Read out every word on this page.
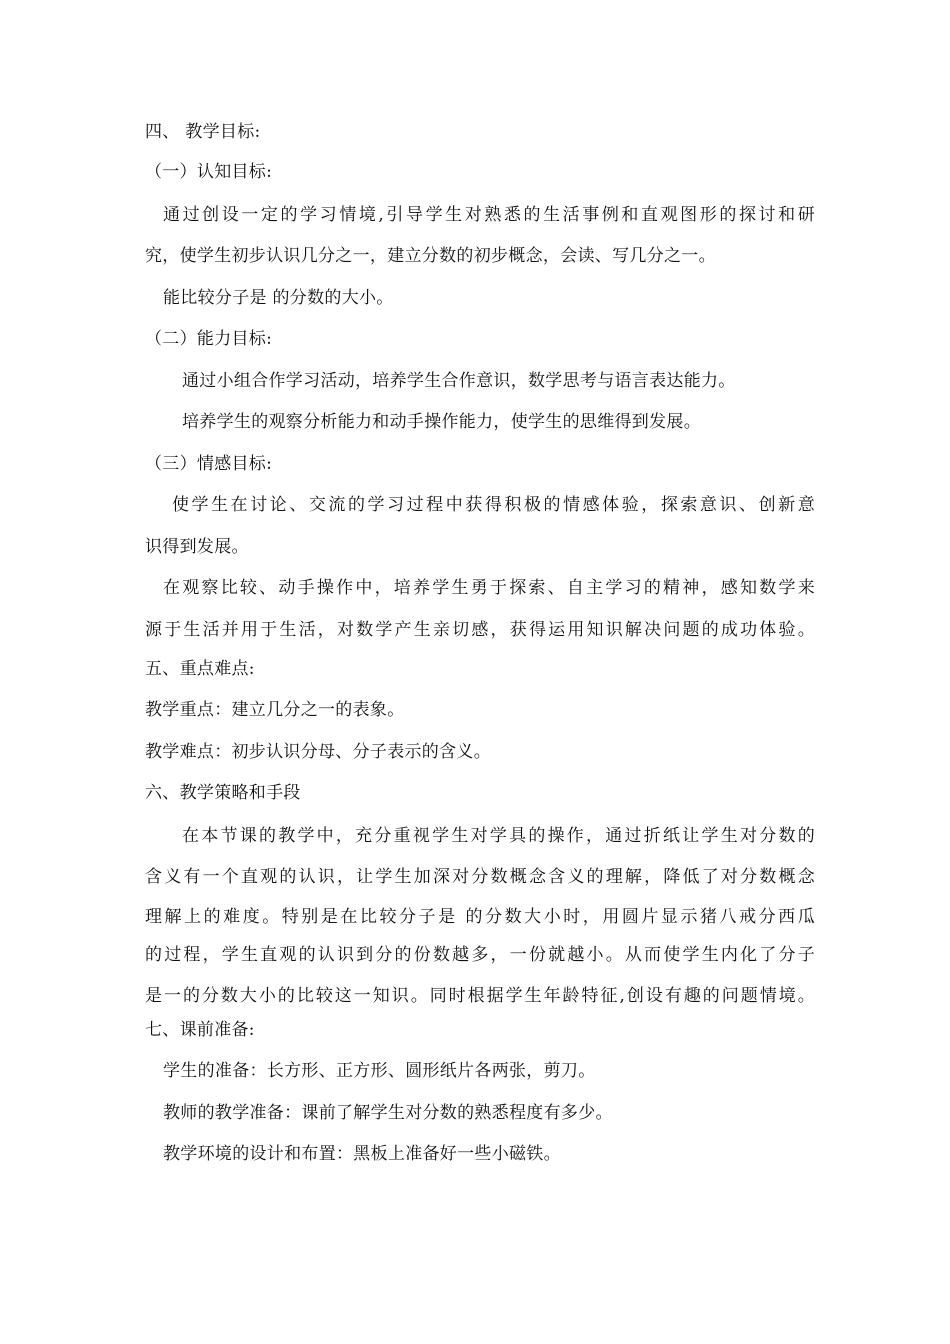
四、 教学目标:
（一）认知目标:
通过创设一定的学习情境,引导学生对熟悉的生活事例和直观图形的探讨和研
究，使学生初步认识几分之一，建立分数的初步概念，会读、写几分之一。
能比较分子是 的分数的大小。
（二）能力目标:
通过小组合作学习活动，培养学生合作意识，数学思考与语言表达能力。
培养学生的观察分析能力和动手操作能力，使学生的思维得到发展。
（三）情感目标:
使学生在讨论、交流的学习过程中获得积极的情感体验，探索意识、创新意
识得到发展。
在观察比较、动手操作中，培养学生勇于探索、自主学习的精神，感知数学来
源于生活并用于生活，对数学产生亲切感，获得运用知识解决问题的成功体验。
五、重点难点:
教学重点：建立几分之一的表象。
教学难点：初步认识分母、分子表示的含义。
六、教学策略和手段
在本节课的教学中，充分重视学生对学具的操作，通过折纸让学生对分数的
含义有一个直观的认识，让学生加深对分数概念含义的理解，降低了对分数概念
理解上的难度。特别是在比较分子是 的分数大小时，用圆片显示猪八戒分西瓜
的过程，学生直观的认识到分的份数越多，一份就越小。从而使学生内化了分子
是一的分数大小的比较这一知识。同时根据学生年龄特征,创设有趣的问题情境。
七、课前准备:
学生的准备：长方形、正方形、圆形纸片各两张，剪刀。
教师的教学准备：课前了解学生对分数的熟悉程度有多少。
教学环境的设计和布置：黑板上准备好一些小磁铁。
